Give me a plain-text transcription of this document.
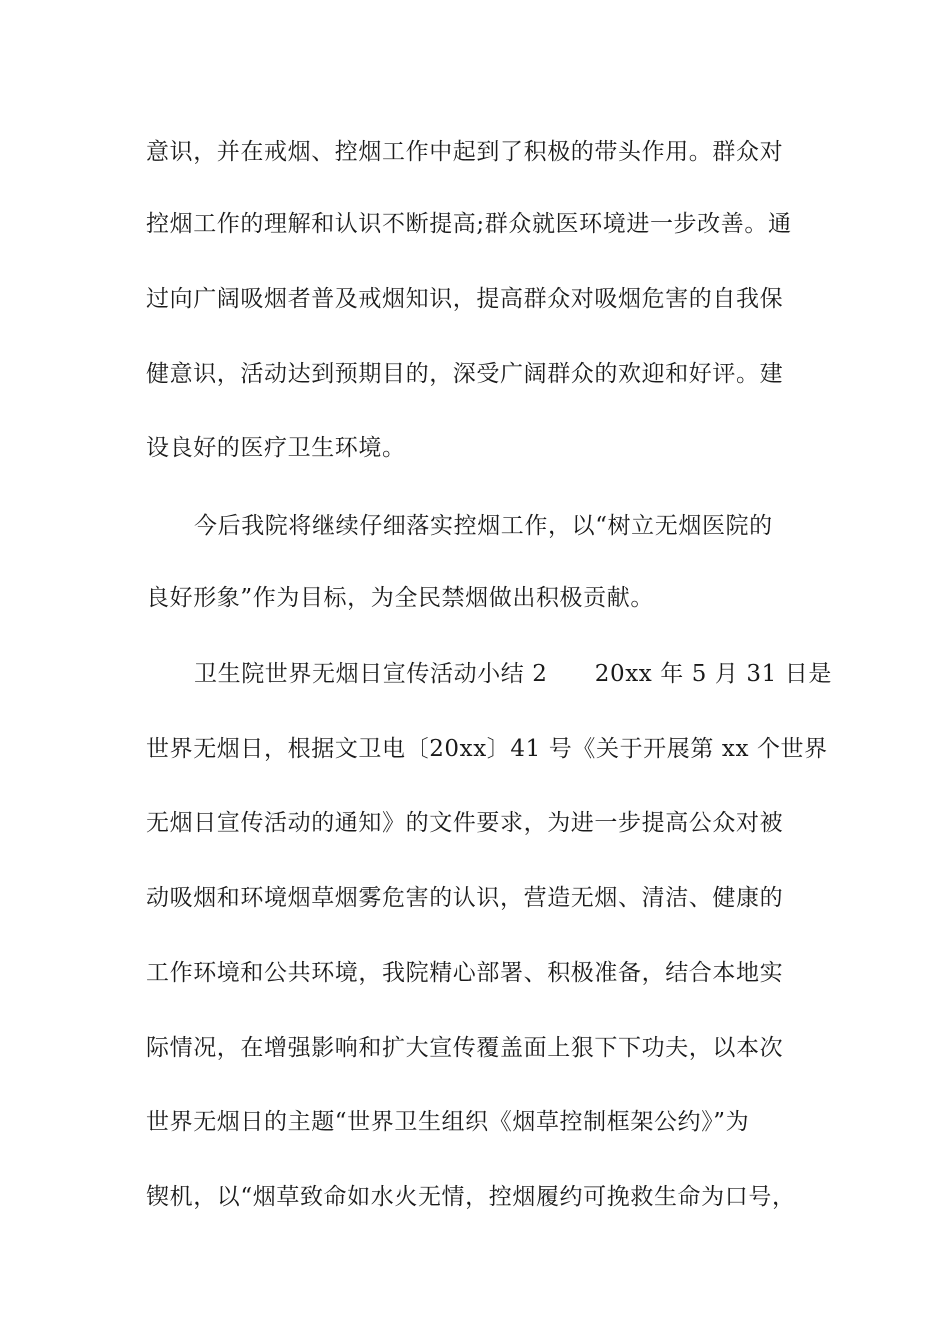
意识，并在戒烟、控烟工作中起到了积极的带头作用。群众对
控烟工作的理解和认识不断提高;群众就医环境进一步改善。通
过向广阔吸烟者普及戒烟知识，提高群众对吸烟危害的自我保
健意识，活动达到预期目的，深受广阔群众的欢迎和好评。建
设良好的医疗卫生环境。
今后我院将继续仔细落实控烟工作，以“树立无烟医院的
良好形象”作为目标，为全民禁烟做出积极贡献。
卫生院世界无烟日宣传活动小结 2　　20xx 年 5 月 31 日是
世界无烟日，根据文卫电〔20xx〕41 号《关于开展第 xx 个世界
无烟日宣传活动的通知》的文件要求，为进一步提高公众对被
动吸烟和环境烟草烟雾危害的认识，营造无烟、清洁、健康的
工作环境和公共环境，我院精心部署、积极准备，结合本地实
际情况，在增强影响和扩大宣传覆盖面上狠下下功夫，以本次
世界无烟日的主题“世界卫生组织《烟草控制框架公约》”为
锲机，以“烟草致命如水火无情，控烟履约可挽救生命为口号，
